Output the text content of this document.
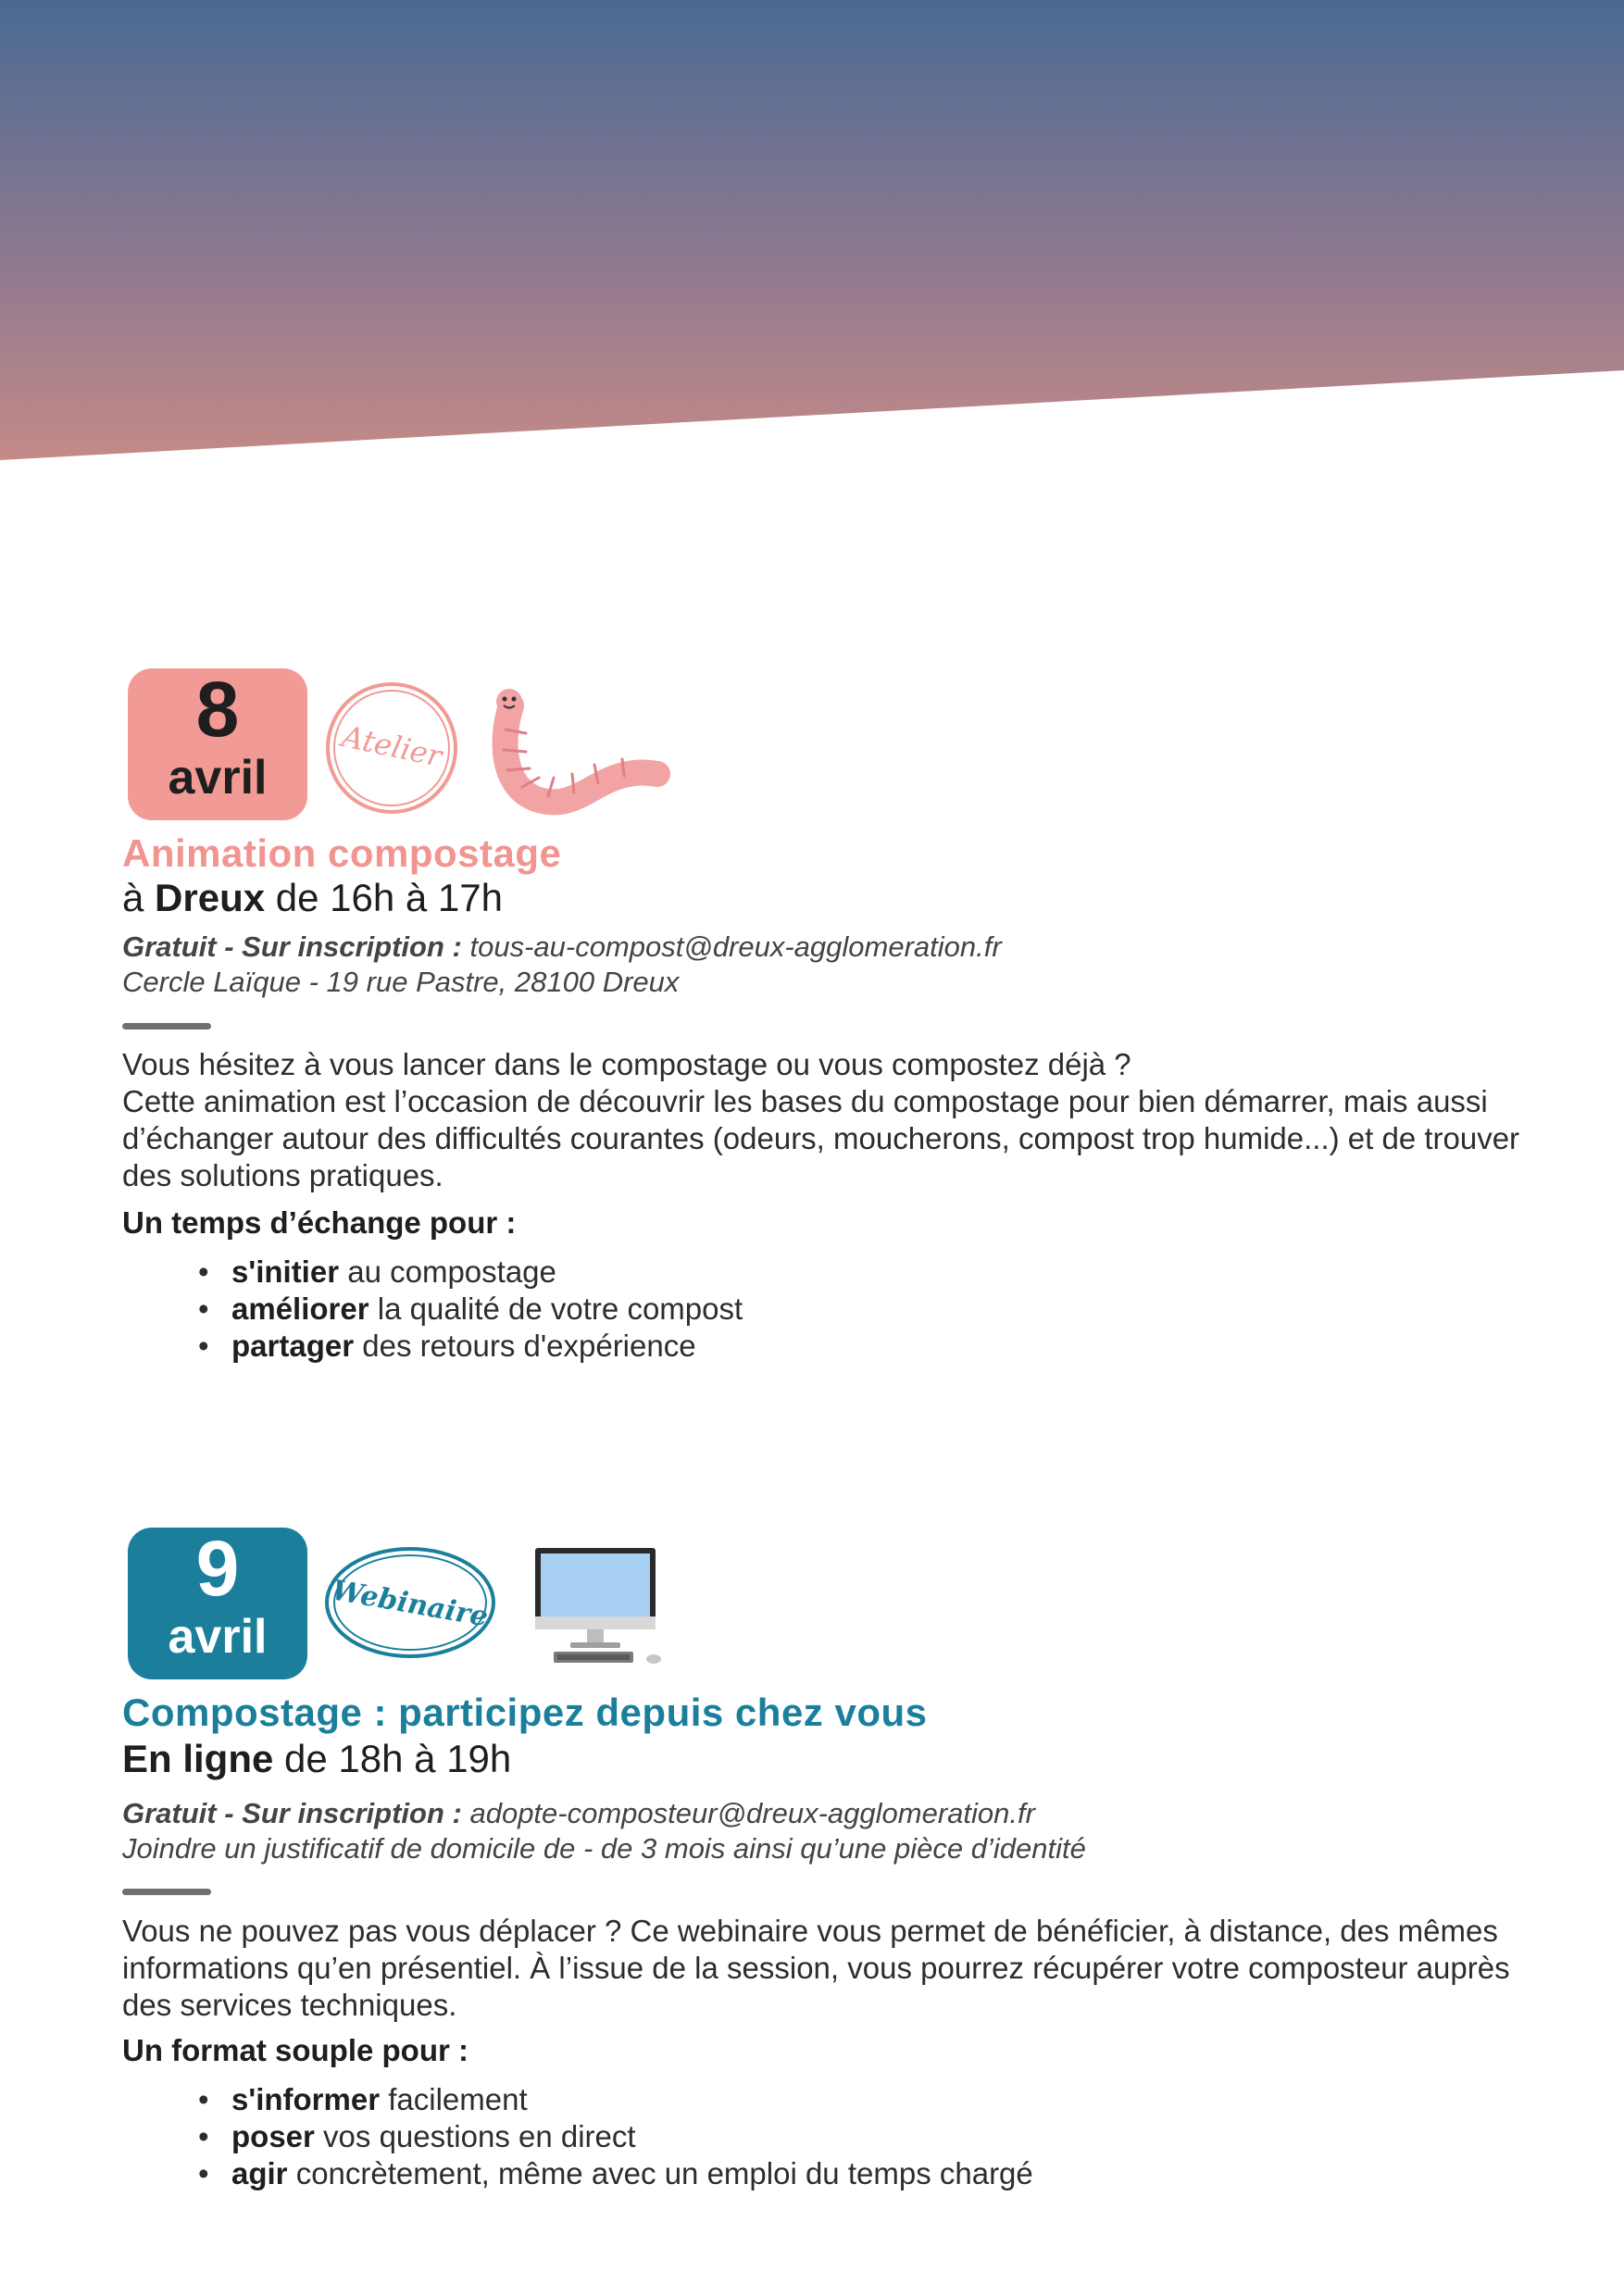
8
avril
Atelier
Animation compostage
à Dreux de 16h à 17h
Gratuit - Sur inscription : tous-au-compost@dreux-agglomeration.fr
Cercle Laïque - 19 rue Pastre, 28100 Dreux

Vous hésitez à vous lancer dans le compostage ou vous compostez déjà ?

Cette animation est l’occasion de découvrir les bases du compostage pour bien démarrer, mais aussi d’échanger autour des difficultés courantes (odeurs, moucherons, compost trop humide...) et de trouver des solutions pratiques.

Un temps d’échange pour :
• s'initier au compostage
• améliorer la qualité de votre compost
• partager des retours d'expérience
9
avril
Webinaire
Compostage : participez depuis chez vous
En ligne de 18h à 19h
Gratuit - Sur inscription : adopte-composteur@dreux-agglomeration.fr
Joindre un justificatif de domicile de - de 3 mois ainsi qu’une pièce d’identité

Vous ne pouvez pas vous déplacer ? Ce webinaire vous permet de bénéficier, à distance, des mêmes informations qu’en présentiel. À l’issue de la session, vous pourrez récupérer votre composteur auprès des services techniques.

Un format souple pour :
• s'informer facilement
• poser vos questions en direct
• agir concrètement, même avec un emploi du temps chargé
